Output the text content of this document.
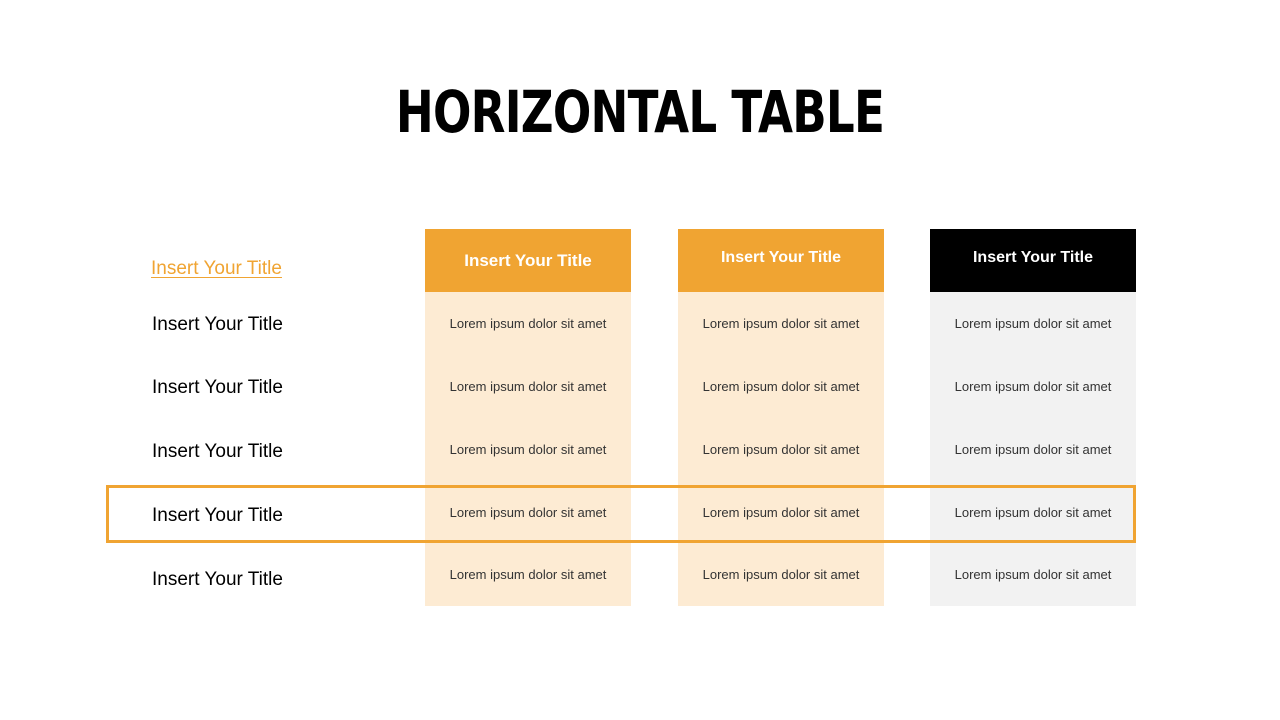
HORIZONTAL TABLE
Insert Your Title
Insert Your Title
Insert Your Title
Insert Your Title
Insert Your Title
Insert Your Title
Insert Your Title
Lorem ipsum dolor sit amet
Lorem ipsum dolor sit amet
Lorem ipsum dolor sit amet
Lorem ipsum dolor sit amet
Lorem ipsum dolor sit amet
Insert Your Title
Lorem ipsum dolor sit amet
Lorem ipsum dolor sit amet
Lorem ipsum dolor sit amet
Lorem ipsum dolor sit amet
Lorem ipsum dolor sit amet
Insert Your Title
Lorem ipsum dolor sit amet
Lorem ipsum dolor sit amet
Lorem ipsum dolor sit amet
Lorem ipsum dolor sit amet
Lorem ipsum dolor sit amet
